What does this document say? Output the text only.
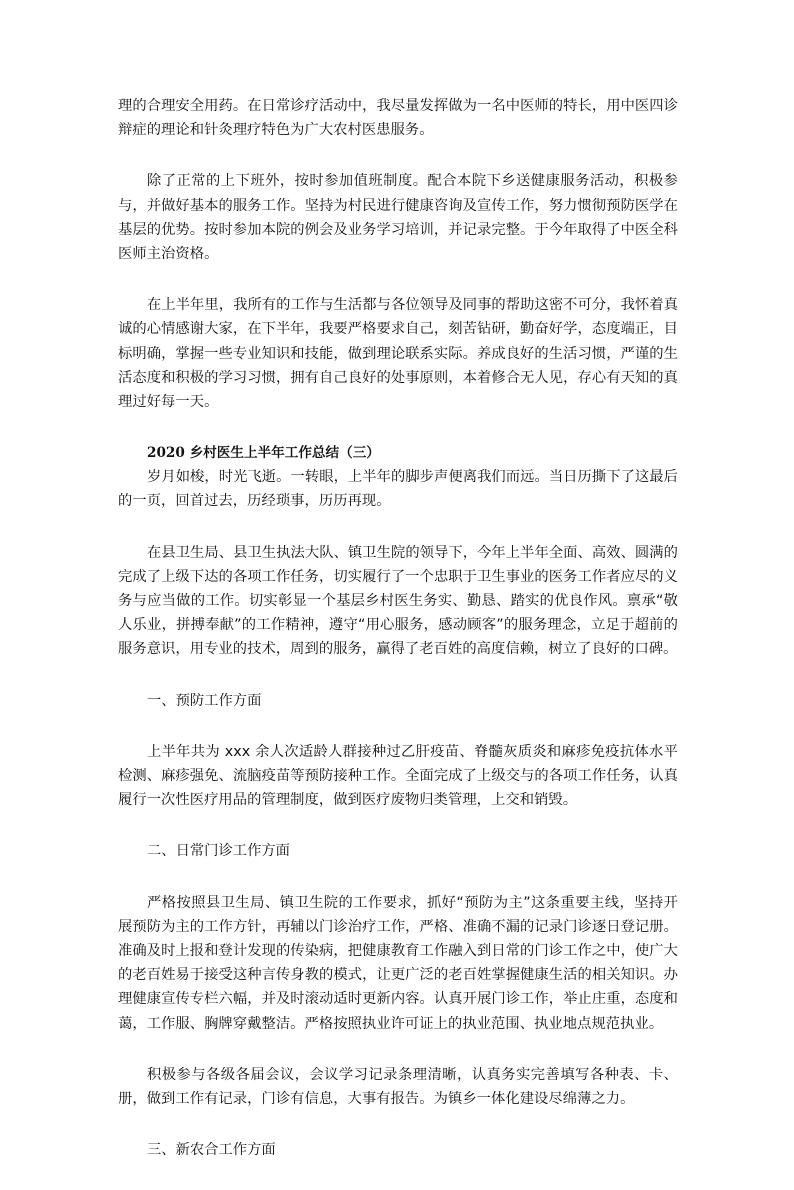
理的合理安全用药。在日常诊疗活动中，我尽量发挥做为一名中医师的特长，用中医四诊辩症的理论和针灸理疗特色为广大农村医患服务。

除了正常的上下班外，按时参加值班制度。配合本院下乡送健康服务活动，积极参与，并做好基本的服务工作。坚持为村民进行健康咨询及宣传工作，努力惯彻预防医学在基层的优势。按时参加本院的例会及业务学习培训，并记录完整。于今年取得了中医全科医师主治资格。

在上半年里，我所有的工作与生活都与各位领导及同事的帮助这密不可分，我怀着真诚的心情感谢大家，在下半年，我要严格要求自己，刻苦钻研，勤奋好学，态度端正，目标明确，掌握一些专业知识和技能，做到理论联系实际。养成良好的生活习惯，严谨的生活态度和积极的学习习惯，拥有自己良好的处事原则，本着修合无人见，存心有天知的真理过好每一天。

2020 乡村医生上半年工作总结（三）

岁月如梭，时光飞逝。一转眼，上半年的脚步声便离我们而远。当日历撕下了这最后的一页，回首过去，历经琐事，历历再现。

在县卫生局、县卫生执法大队、镇卫生院的领导下，今年上半年全面、高效、圆满的完成了上级下达的各项工作任务，切实履行了一个忠职于卫生事业的医务工作者应尽的义务与应当做的工作。切实彰显一个基层乡村医生务实、勤恳、踏实的优良作风。禀承“敬人乐业，拼搏奉献”的工作精神，遵守“用心服务，感动顾客”的服务理念，立足于超前的服务意识，用专业的技术，周到的服务，赢得了老百姓的高度信赖，树立了良好的口碑。

一、预防工作方面

上半年共为 xxx 余人次适龄人群接种过乙肝疫苗、脊髓灰质炎和麻疹免疫抗体水平检测、麻疹强免、流脑疫苗等预防接种工作。全面完成了上级交与的各项工作任务，认真履行一次性医疗用品的管理制度，做到医疗废物归类管理，上交和销毁。

二、日常门诊工作方面

严格按照县卫生局、镇卫生院的工作要求，抓好“预防为主”这条重要主线，坚持开展预防为主的工作方针，再辅以门诊治疗工作，严格、准确不漏的记录门诊逐日登记册。准确及时上报和登计发现的传染病，把健康教育工作融入到日常的门诊工作之中，使广大的老百姓易于接受这种言传身教的模式，让更广泛的老百姓掌握健康生活的相关知识。办理健康宣传专栏六幅，并及时滚动适时更新内容。认真开展门诊工作，举止庄重，态度和蔼，工作服、胸牌穿戴整洁。严格按照执业许可证上的执业范围、执业地点规范执业。

积极参与各级各届会议，会议学习记录条理清晰，认真务实完善填写各种表、卡、册，做到工作有记录，门诊有信息，大事有报告。为镇乡一体化建设尽绵薄之力。

三、新农合工作方面
